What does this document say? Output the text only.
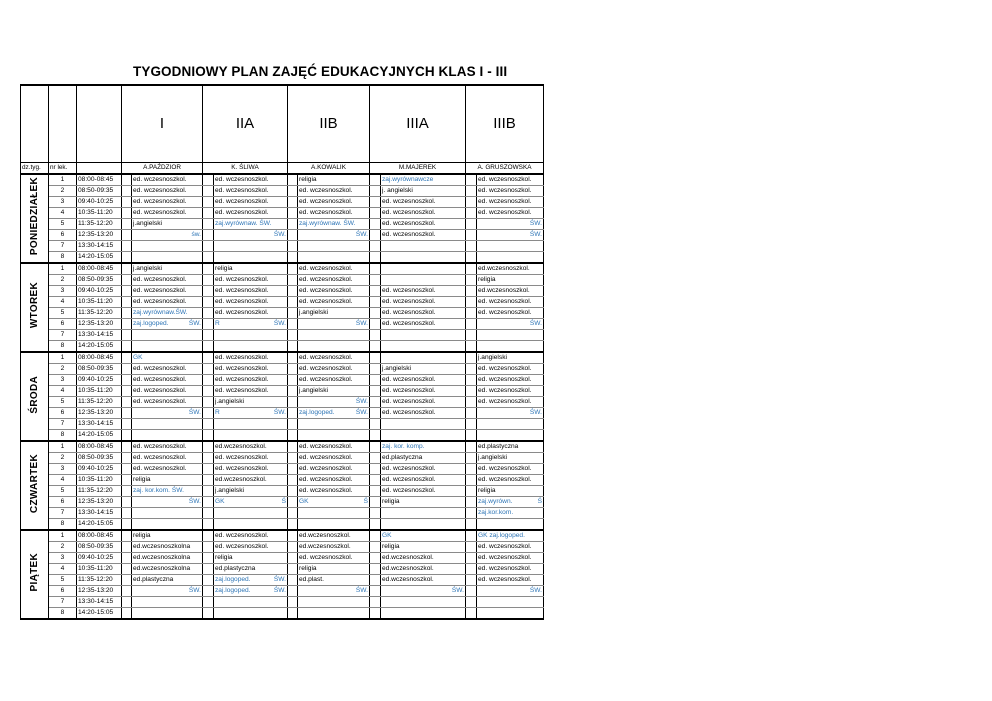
TYGODNIOWY PLAN ZAJĘĆ EDUKACYJNYCH KLAS I - III
			I		IIA		IIB		IIIA		IIIB	
dz.tyg.	nr lek.		A.PAŹDZIOR		K. ŚLIWA		A.KOWALIK		M.MAJEREK		A. GRUSZOWSKA	
PONIEDZIAŁEK	1	08:00-08:45		ed. wczesnoszkol.		ed. wczesnoszkol.		religia		zaj.wyrównawcze		ed. wczesnoszkol.
	2	08:50-09:35		ed. wczesnoszkol.		ed. wczesnoszkol.		ed. wczesnoszkol.		j. angielski		ed. wczesnoszkol.
	3	09:40-10:25		ed. wczesnoszkol.		ed. wczesnoszkol.		ed. wczesnoszkol.		ed. wczesnoszkol.		ed. wczesnoszkol.
	4	10:35-11:20		ed. wczesnoszkol.		ed. wczesnoszkol.		ed. wczesnoszkol.		ed. wczesnoszkol.		ed. wczesnoszkol.
	5	11:35-12:20		j.angielski		zaj.wyrównaw. ŚW.		zaj.wyrównaw. ŚW.		ed. wczesnoszkol.		ŚW.

	6	12:35-13:20		św.		ŚW.		ŚW.		ed. wczesnoszkol.		ŚW.

	7	13:30-14:15										
	8	14:20-15:05										
WTOREK	1	08:00-08:45		j.angielski		religia		ed. wczesnoszkol.				ed.wczesnoszkol.
	2	08:50-09:35		ed. wczesnoszkol.		ed. wczesnoszkol.		ed. wczesnoszkol.				religia
	3	09:40-10:25		ed. wczesnoszkol.		ed. wczesnoszkol.		ed. wczesnoszkol.		ed. wczesnoszkol.		ed.wczesnoszkol.
	4	10:35-11:20		ed. wczesnoszkol.		ed. wczesnoszkol.		ed. wczesnoszkol.		ed. wczesnoszkol.		ed. wczesnoszkol.
	5	11:35-12:20		zaj.wyrównaw.ŚW.		ed. wczesnoszkol.		j.angielski		ed. wczesnoszkol.		ed. wczesnoszkol.
	6	12:35-13:20		zaj.logoped. ŚW.		R ŚW.		ŚW.		ed. wczesnoszkol.		ŚW.

	7	13:30-14:15										
	8	14:20-15:05										
ŚRODA	1	08:00-08:45		GK		ed. wczesnoszkol.		ed. wczesnoszkol.				j.angielski
	2	08:50-09:35		ed. wczesnoszkol.		ed. wczesnoszkol.		ed. wczesnoszkol.		j.angielski		ed. wczesnoszkol.
	3	09:40-10:25		ed. wczesnoszkol.		ed. wczesnoszkol.		ed. wczesnoszkol.		ed. wczesnoszkol.		ed. wczesnoszkol.
	4	10:35-11:20		ed. wczesnoszkol.		ed. wczesnoszkol.		j.angielski		ed. wczesnoszkol.		ed. wczesnoszkol.
	5	11:35-12:20		ed. wczesnoszkol.		j.angielski		ŚW.		ed. wczesnoszkol.		ed. wczesnoszkol.
	6	12:35-13:20		ŚW.		R ŚW.		zaj.logoped. ŚW.		ed. wczesnoszkol.		ŚW.

	7	13:30-14:15										
	8	14:20-15:05										
CZWARTEK	1	08:00-08:45		ed. wczesnoszkol.		ed.wczesnoszkol.		ed. wczesnoszkol.		zaj. kor. komp.		ed.plastyczna
	2	08:50-09:35		ed. wczesnoszkol.		ed. wczesnoszkol.		ed. wczesnoszkol.		ed.plastyczna		j.angielski
	3	09:40-10:25		ed. wczesnoszkol.		ed. wczesnoszkol.		ed. wczesnoszkol.		ed. wczesnoszkol.		ed. wczesnoszkol.
	4	10:35-11:20		religia		ed.wczesnoszkol.		ed. wczesnoszkol.		ed. wczesnoszkol.		ed. wczesnoszkol.
	5	11:35-12:20		zaj. kor.kom. ŚW.		j.angielski		ed. wczesnoszkol.		ed. wczesnoszkol.		religia
	6	12:35-13:20		ŚW.		GK Ś		GK Ś		religia		zaj.wyrówn. Ś

	7	13:30-14:15										zaj.kor.kom.
	8	14:20-15:05										
PIĄTEK	1	08:00-08:45		religia		ed. wczesnoszkol.		ed.wczesnoszkol.		GK		GK zaj.logoped.
	2	08:50-09:35		ed.wczesnoszkolna		ed. wczesnoszkol.		ed.wczesnoszkol.		religia		ed. wczesnoszkol.
	3	09:40-10:25		ed.wczesnoszkolna		religia		ed. wczesnoszkol.		ed.wczesnoszkol.		ed. wczesnoszkol.
	4	10:35-11:20		ed.wczesnoszkolna		ed.plastyczna		religia		ed.wczesnoszkol.		ed. wczesnoszkol.
	5	11:35-12:20		ed.plastyczna		zaj.logoped. ŚW.		ed.plast.		ed.wczesnoszkol.		ed. wczesnoszkol.
	6	12:35-13:20		ŚW.		zaj.logoped. ŚW.		ŚW.		ŚW.		ŚW.

	7	13:30-14:15										
	8	14:20-15:05										
